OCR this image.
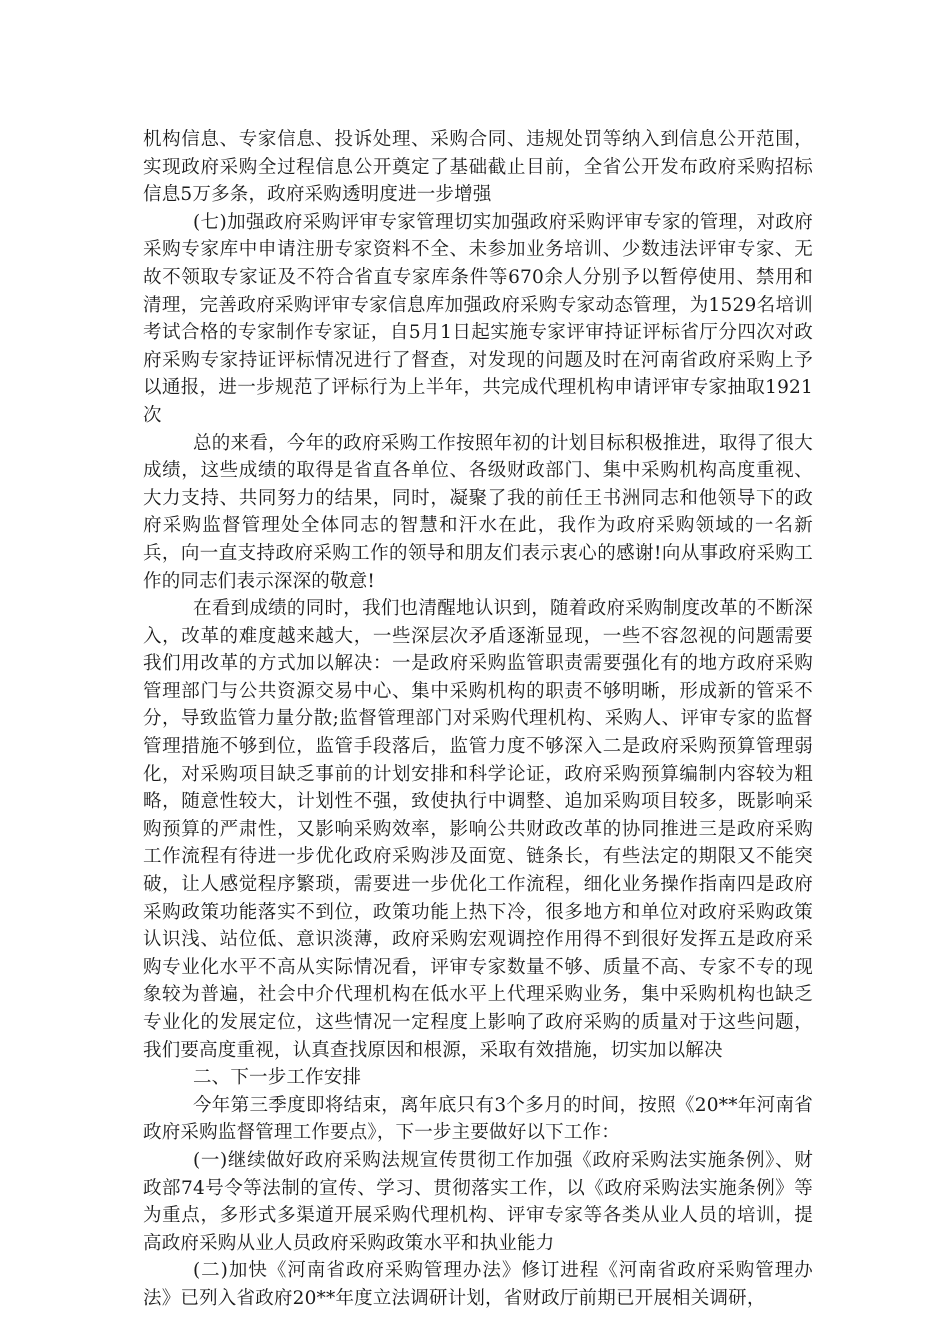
机构信息、专家信息、投诉处理、采购合同、违规处罚等纳入到信息公开范围，实现政府采购全过程信息公开奠定了基础截止目前，全省公开发布政府采购招标信息5万多条，政府采购透明度进一步增强

(七)加强政府采购评审专家管理切实加强政府采购评审专家的管理，对政府采购专家库中申请注册专家资料不全、未参加业务培训、少数违法评审专家、无故不领取专家证及不符合省直专家库条件等670余人分别予以暂停使用、禁用和清理，完善政府采购评审专家信息库加强政府采购专家动态管理，为1529名培训考试合格的专家制作专家证，自5月1日起实施专家评审持证评标省厅分四次对政府采购专家持证评标情况进行了督查，对发现的问题及时在河南省政府采购上予以通报，进一步规范了评标行为上半年，共完成代理机构申请评审专家抽取1921次

总的来看，今年的政府采购工作按照年初的计划目标积极推进，取得了很大成绩，这些成绩的取得是省直各单位、各级财政部门、集中采购机构高度重视、大力支持、共同努力的结果，同时，凝聚了我的前任王书洲同志和他领导下的政府采购监督管理处全体同志的智慧和汗水在此，我作为政府采购领域的一名新兵，向一直支持政府采购工作的领导和朋友们表示衷心的感谢!向从事政府采购工作的同志们表示深深的敬意!

在看到成绩的同时，我们也清醒地认识到，随着政府采购制度改革的不断深入，改革的难度越来越大，一些深层次矛盾逐渐显现，一些不容忽视的问题需要我们用改革的方式加以解决：一是政府采购监管职责需要强化有的地方政府采购管理部门与公共资源交易中心、集中采购机构的职责不够明晰，形成新的管采不分，导致监管力量分散;监督管理部门对采购代理机构、采购人、评审专家的监督管理措施不够到位，监管手段落后，监管力度不够深入二是政府采购预算管理弱化，对采购项目缺乏事前的计划安排和科学论证，政府采购预算编制内容较为粗略，随意性较大，计划性不强，致使执行中调整、追加采购项目较多，既影响采购预算的严肃性，又影响采购效率，影响公共财政改革的协同推进三是政府采购工作流程有待进一步优化政府采购涉及面宽、链条长，有些法定的期限又不能突破，让人感觉程序繁琐，需要进一步优化工作流程，细化业务操作指南四是政府采购政策功能落实不到位，政策功能上热下冷，很多地方和单位对政府采购政策认识浅、站位低、意识淡薄，政府采购宏观调控作用得不到很好发挥五是政府采购专业化水平不高从实际情况看，评审专家数量不够、质量不高、专家不专的现象较为普遍，社会中介代理机构在低水平上代理采购业务，集中采购机构也缺乏专业化的发展定位，这些情况一定程度上影响了政府采购的质量对于这些问题，我们要高度重视，认真查找原因和根源，采取有效措施，切实加以解决

二、下一步工作安排

今年第三季度即将结束，离年底只有3个多月的时间，按照《20**年河南省政府采购监督管理工作要点》，下一步主要做好以下工作：

(一)继续做好政府采购法规宣传贯彻工作加强《政府采购法实施条例》、财政部74号令等法制的宣传、学习、贯彻落实工作，以《政府采购法实施条例》等为重点，多形式多渠道开展采购代理机构、评审专家等各类从业人员的培训，提高政府采购从业人员政府采购政策水平和执业能力

(二)加快《河南省政府采购管理办法》修订进程《河南省政府采购管理办法》已列入省政府20**年度立法调研计划，省财政厅前期已开展相关调研，
